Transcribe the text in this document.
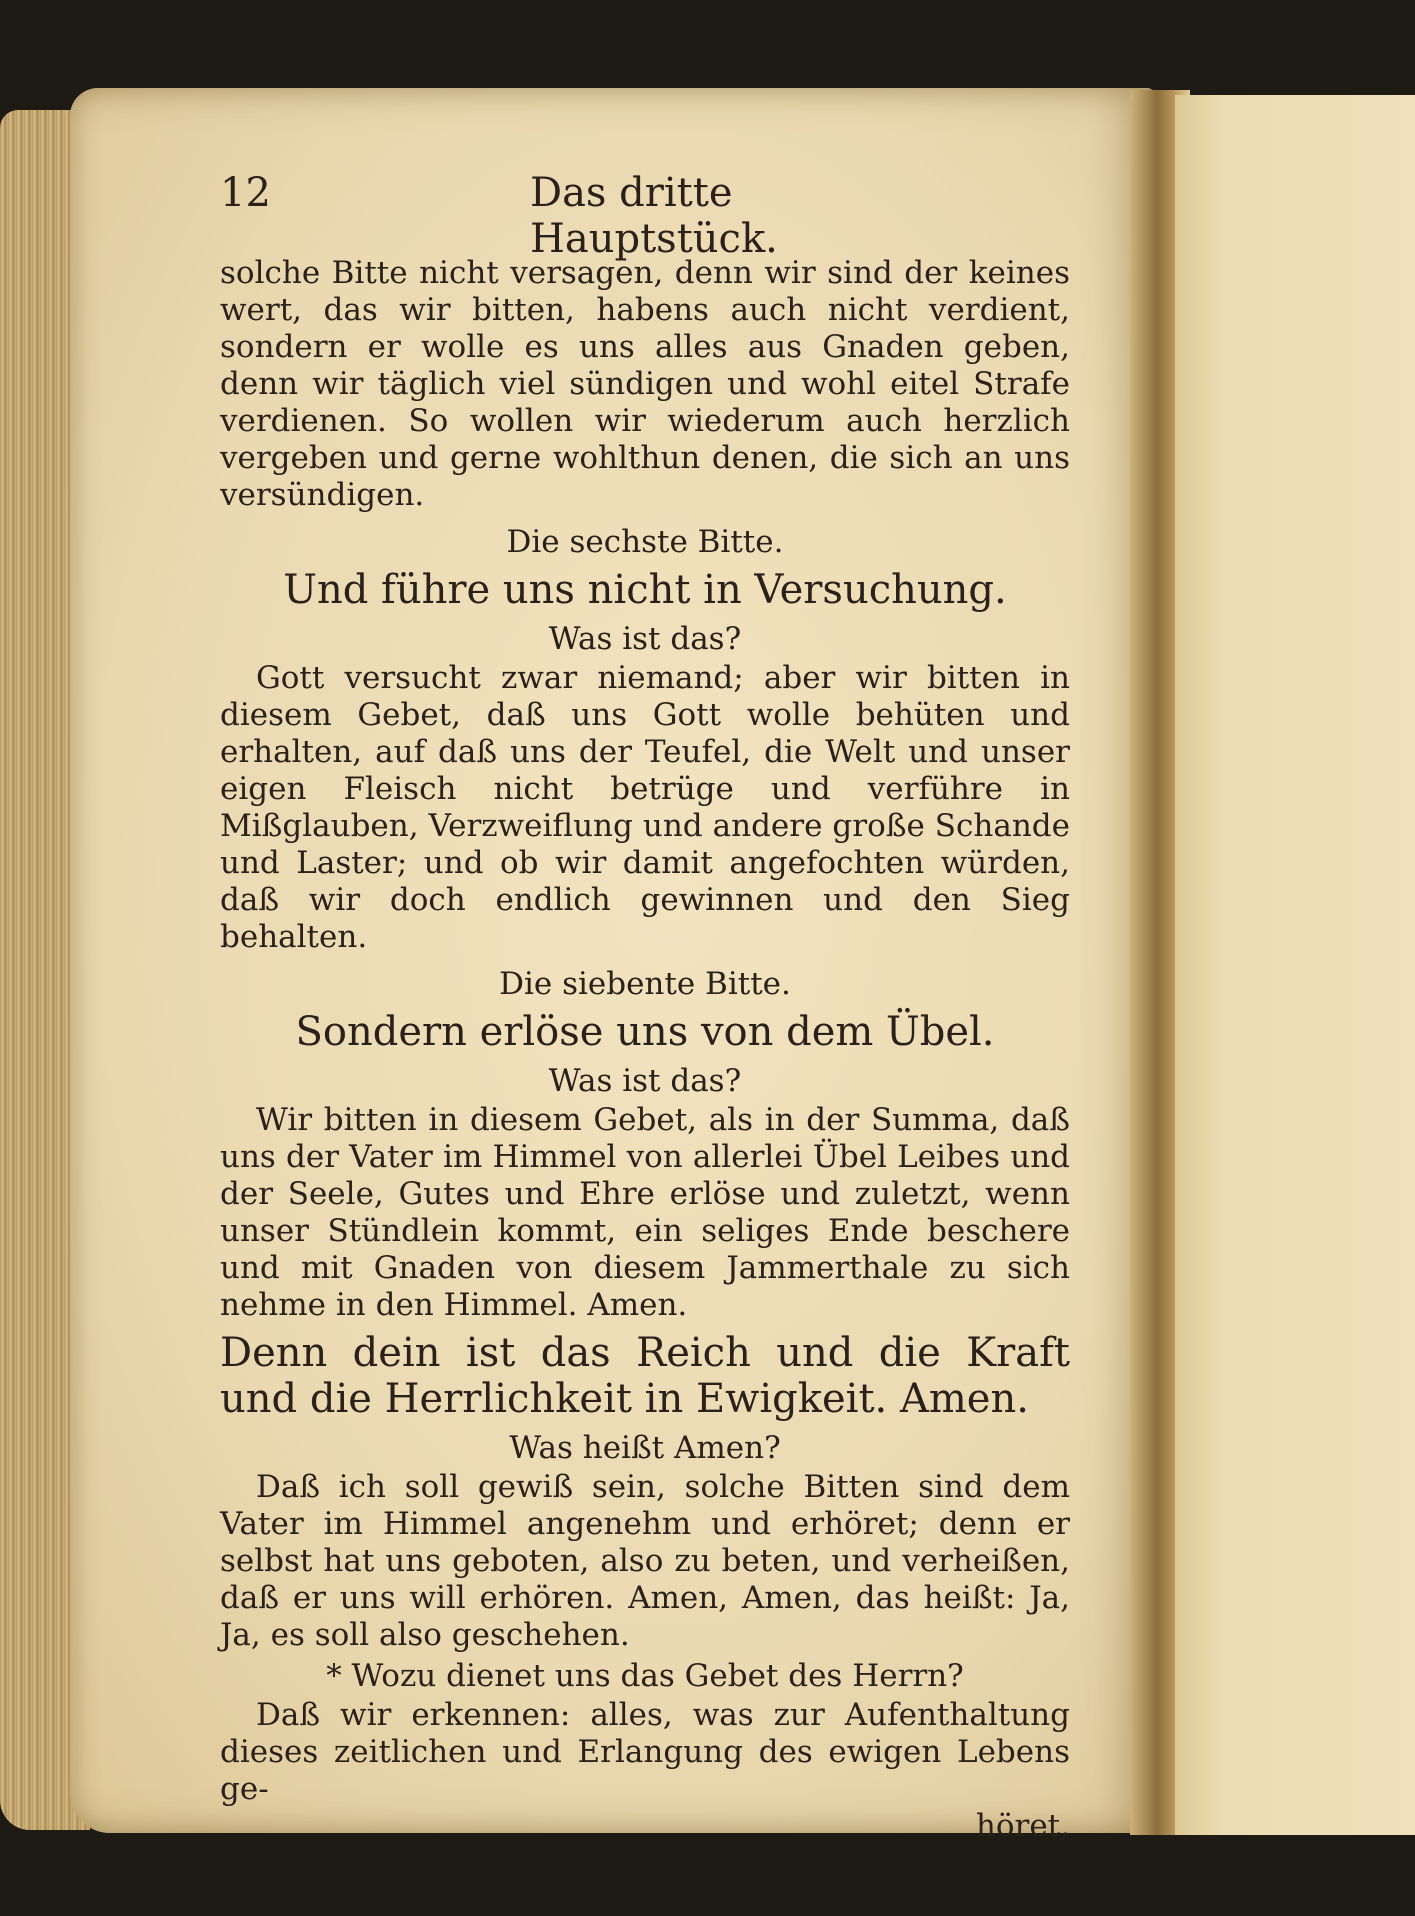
12	Das dritte Hauptstück.

solche Bitte nicht versagen, denn wir sind der keines wert, das wir bitten, habens auch nicht verdient, sondern er wolle es uns alles aus Gnaden geben, denn wir täglich viel sündigen und wohl eitel Strafe verdienen. So wollen wir wiederum auch herzlich vergeben und gerne wohlthun denen, die sich an uns versündigen.

Die sechste Bitte.
Und führe uns nicht in Versuchung.
Was ist das?

Gott versucht zwar niemand; aber wir bitten in diesem Gebet, daß uns Gott wolle behüten und erhalten, auf daß uns der Teufel, die Welt und unser eigen Fleisch nicht betrüge und verführe in Mißglauben, Verzweiflung und andere große Schande und Laster; und ob wir damit angefochten würden, daß wir doch endlich gewinnen und den Sieg behalten.

Die siebente Bitte.
Sondern erlöse uns von dem Übel.
Was ist das?

Wir bitten in diesem Gebet, als in der Summa, daß uns der Vater im Himmel von allerlei Übel Leibes und der Seele, Gutes und Ehre erlöse und zuletzt, wenn unser Stündlein kommt, ein seliges Ende beschere und mit Gnaden von diesem Jammerthale zu sich nehme in den Himmel. Amen.

Denn dein ist das Reich und die Kraft und die Herrlichkeit in Ewigkeit. Amen.
Was heißt Amen?

Daß ich soll gewiß sein, solche Bitten sind dem Vater im Himmel angenehm und erhöret; denn er selbst hat uns geboten, also zu beten, und verheißen, daß er uns will erhören. Amen, Amen, das heißt: Ja, Ja, es soll also geschehen.

* Wozu dienet uns das Gebet des Herrn?

Daß wir erkennen: alles, was zur Aufenthaltung dieses zeitlichen und Erlangung des ewigen Lebens ge-

höret,
